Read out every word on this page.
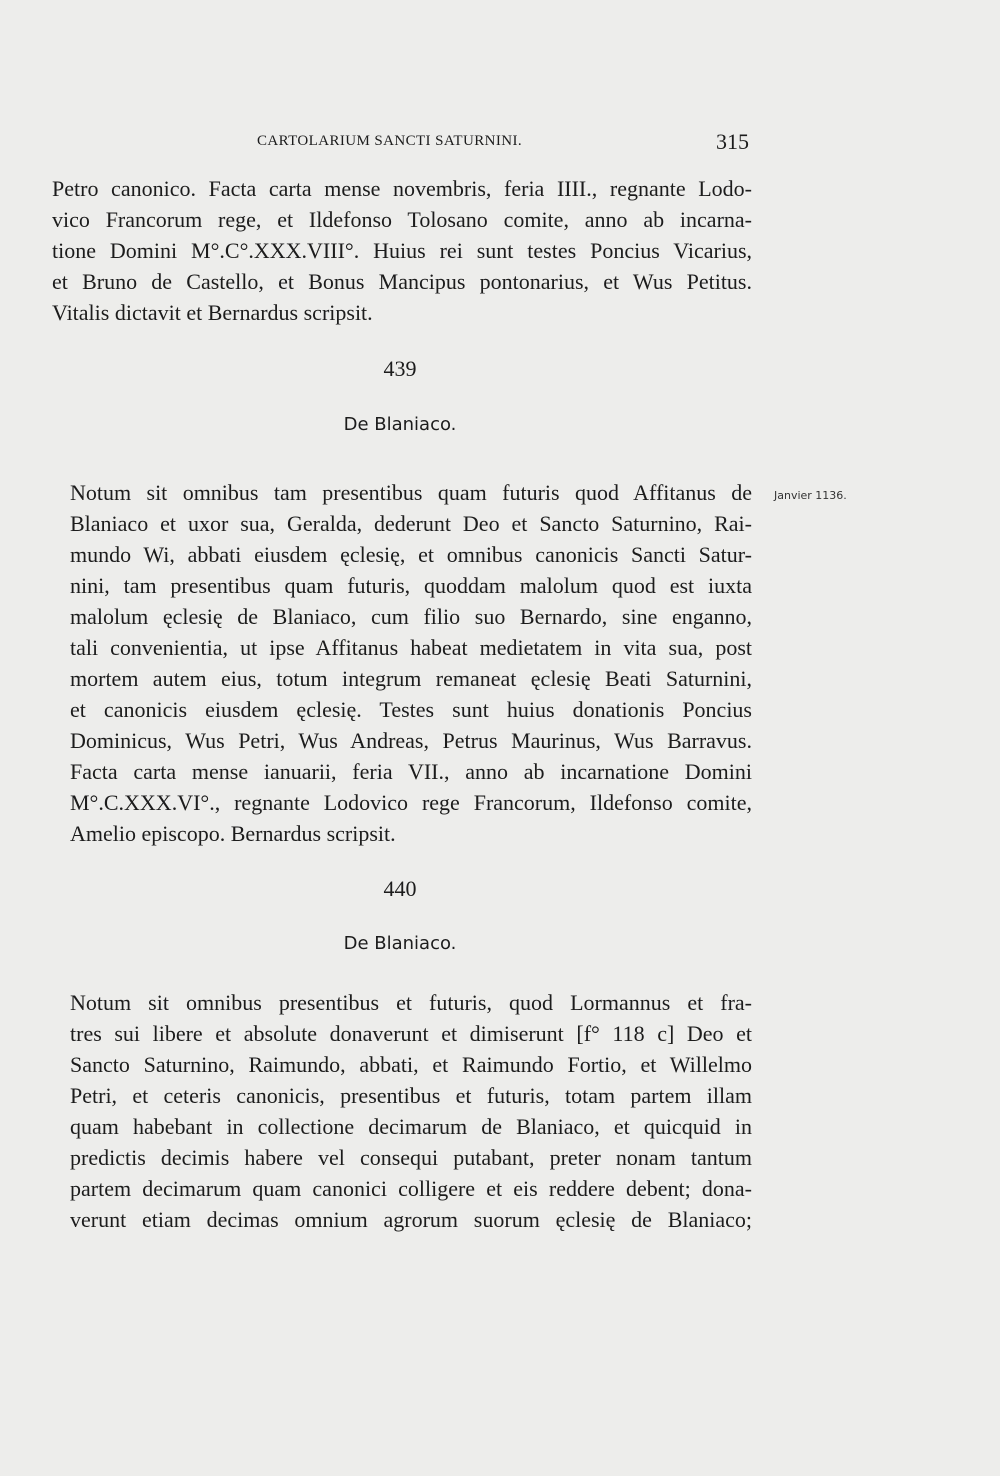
CARTOLARIUM SANCTI SATURNINI.	315
Petro canonico. Facta carta mense novembris, feria IIII., regnante Lodo-
vico Francorum rege, et Ildefonso Tolosano comite, anno ab incarna-
tione Domini M°.C°.XXX.VIII°. Huius rei sunt testes Poncius Vicarius,
et Bruno de Castello, et Bonus Mancipus pontonarius, et Wus Petitus.
Vitalis dictavit et Bernardus scripsit.
439
De Blaniaco.
Janvier 1136.
Notum sit omnibus tam presentibus quam futuris quod Affitanus de
Blaniaco et uxor sua, Geralda, dederunt Deo et Sancto Saturnino, Rai-
mundo Wi, abbati eiusdem ęclesię, et omnibus canonicis Sancti Satur-
nini, tam presentibus quam futuris, quoddam malolum quod est iuxta
malolum ęclesię de Blaniaco, cum filio suo Bernardo, sine enganno,
tali convenientia, ut ipse Affitanus habeat medietatem in vita sua, post
mortem autem eius, totum integrum remaneat ęclesię Beati Saturnini,
et canonicis eiusdem ęclesię. Testes sunt huius donationis Poncius
Dominicus, Wus Petri, Wus Andreas, Petrus Maurinus, Wus Barravus.
Facta carta mense ianuarii, feria VII., anno ab incarnatione Domini
M°.C.XXX.VI°., regnante Lodovico rege Francorum, Ildefonso comite,
Amelio episcopo. Bernardus scripsit.
440
De Blaniaco.
Notum sit omnibus presentibus et futuris, quod Lormannus et fra-
tres sui libere et absolute donaverunt et dimiserunt [f° 118 c] Deo et
Sancto Saturnino, Raimundo, abbati, et Raimundo Fortio, et Willelmo
Petri, et ceteris canonicis, presentibus et futuris, totam partem illam
quam habebant in collectione decimarum de Blaniaco, et quicquid in
predictis decimis habere vel consequi putabant, preter nonam tantum
partem decimarum quam canonici colligere et eis reddere debent; dona-
verunt etiam decimas omnium agrorum suorum ęclesię de Blaniaco;
